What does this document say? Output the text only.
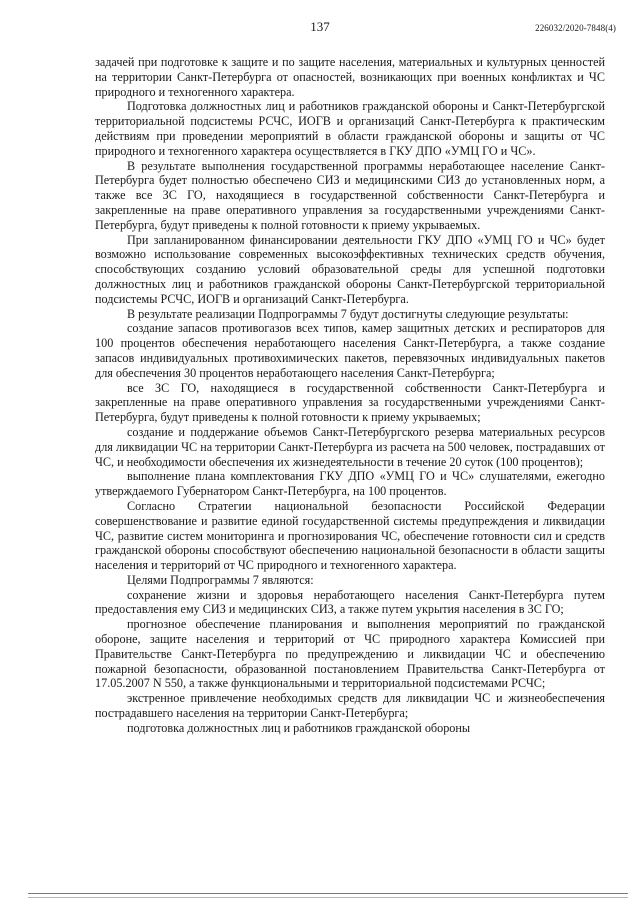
137	226032/2020-7848(4)

задачей при подготовке к защите и по защите населения, материальных и культурных ценностей на территории Санкт-Петербурга от опасностей, возникающих при военных конфликтах и ЧС природного и техногенного характера.

Подготовка должностных лиц и работников гражданской обороны и Санкт-Петербургской территориальной подсистемы РСЧС, ИОГВ и организаций Санкт-Петербурга к практическим действиям при проведении мероприятий в области гражданской обороны и защиты от ЧС природного и техногенного характера осуществляется в ГКУ ДПО «УМЦ ГО и ЧС».

В результате выполнения государственной программы неработающее население Санкт-Петербурга будет полностью обеспечено СИЗ и медицинскими СИЗ до установленных норм, а также все ЗС ГО, находящиеся в государственной собственности Санкт-Петербурга и закрепленные на праве оперативного управления за государственными учреждениями Санкт-Петербурга, будут приведены к полной готовности к приему укрываемых.

При запланированном финансировании деятельности ГКУ ДПО «УМЦ ГО и ЧС» будет возможно использование современных высокоэффективных технических средств обучения, способствующих созданию условий образовательной среды для успешной подготовки должностных лиц и работников гражданской обороны Санкт-Петербургской территориальной подсистемы РСЧС, ИОГВ и организаций Санкт-Петербурга.

В результате реализации Подпрограммы 7 будут достигнуты следующие результаты:

создание запасов противогазов всех типов, камер защитных детских и респираторов для 100 процентов обеспечения неработающего населения Санкт-Петербурга, а также создание запасов индивидуальных противохимических пакетов, перевязочных индивидуальных пакетов для обеспечения 30 процентов неработающего населения Санкт-Петербурга;

все ЗС ГО, находящиеся в государственной собственности Санкт-Петербурга и закрепленные на праве оперативного управления за государственными учреждениями Санкт-Петербурга, будут приведены к полной готовности к приему укрываемых;

создание и поддержание объемов Санкт-Петербургского резерва материальных ресурсов для ликвидации ЧС на территории Санкт-Петербурга из расчета на 500 человек, пострадавших от ЧС, и необходимости обеспечения их жизнедеятельности в течение 20 суток (100 процентов);

выполнение плана комплектования ГКУ ДПО «УМЦ ГО и ЧС» слушателями, ежегодно утверждаемого Губернатором Санкт-Петербурга, на 100 процентов.

Согласно Стратегии национальной безопасности Российской Федерации совершенствование и развитие единой государственной системы предупреждения и ликвидации ЧС, развитие систем мониторинга и прогнозирования ЧС, обеспечение готовности сил и средств гражданской обороны способствуют обеспечению национальной безопасности в области защиты населения и территорий от ЧС природного и техногенного характера.

Целями Подпрограммы 7 являются:

сохранение жизни и здоровья неработающего населения Санкт-Петербурга путем предоставления ему СИЗ и медицинских СИЗ, а также путем укрытия населения в ЗС ГО;

прогнозное обеспечение планирования и выполнения мероприятий по гражданской обороне, защите населения и территорий от ЧС природного характера Комиссией при Правительстве Санкт-Петербурга по предупреждению и ликвидации ЧС и обеспечению пожарной безопасности, образованной постановлением Правительства Санкт-Петербурга от 17.05.2007 N 550, а также функциональными и территориальной подсистемами РСЧС;

экстренное привлечение необходимых средств для ликвидации ЧС и жизнеобеспечения пострадавшего населения на территории Санкт-Петербурга;

подготовка должностных лиц и работников гражданской обороны
